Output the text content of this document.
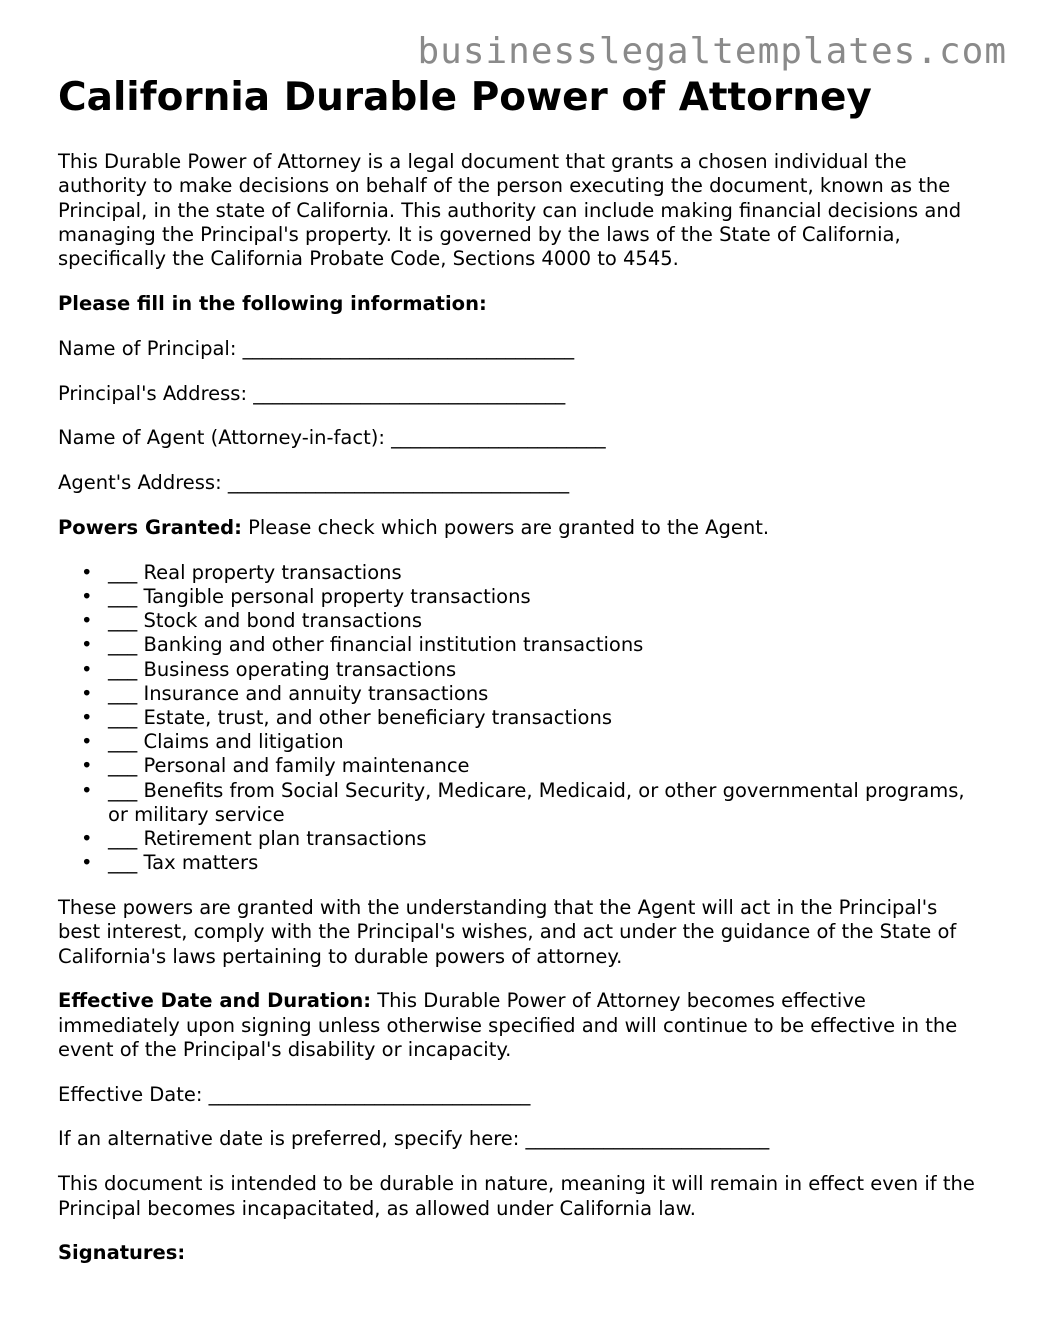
businesslegaltemplates.com
California Durable Power of Attorney

This Durable Power of Attorney is a legal document that grants a chosen individual the authority to make decisions on behalf of the person executing the document, known as the Principal, in the state of California. This authority can include making financial decisions and managing the Principal's property. It is governed by the laws of the State of California, specifically the California Probate Code, Sections 4000 to 4545.

Please fill in the following information:

Name of Principal: __________________________________

Principal's Address: ________________________________

Name of Agent (Attorney-in-fact): ______________________

Agent's Address: ___________________________________

Powers Granted: Please check which powers are granted to the Agent.

• ___ Real property transactions
• ___ Tangible personal property transactions
• ___ Stock and bond transactions
• ___ Banking and other financial institution transactions
• ___ Business operating transactions
• ___ Insurance and annuity transactions
• ___ Estate, trust, and other beneficiary transactions
• ___ Claims and litigation
• ___ Personal and family maintenance
• ___ Benefits from Social Security, Medicare, Medicaid, or other governmental programs, or military service
• ___ Retirement plan transactions
• ___ Tax matters

These powers are granted with the understanding that the Agent will act in the Principal's best interest, comply with the Principal's wishes, and act under the guidance of the State of California's laws pertaining to durable powers of attorney.

Effective Date and Duration: This Durable Power of Attorney becomes effective immediately upon signing unless otherwise specified and will continue to be effective in the event of the Principal's disability or incapacity.

Effective Date: _________________________________

If an alternative date is preferred, specify here: _________________________

This document is intended to be durable in nature, meaning it will remain in effect even if the Principal becomes incapacitated, as allowed under California law.

Signatures:
